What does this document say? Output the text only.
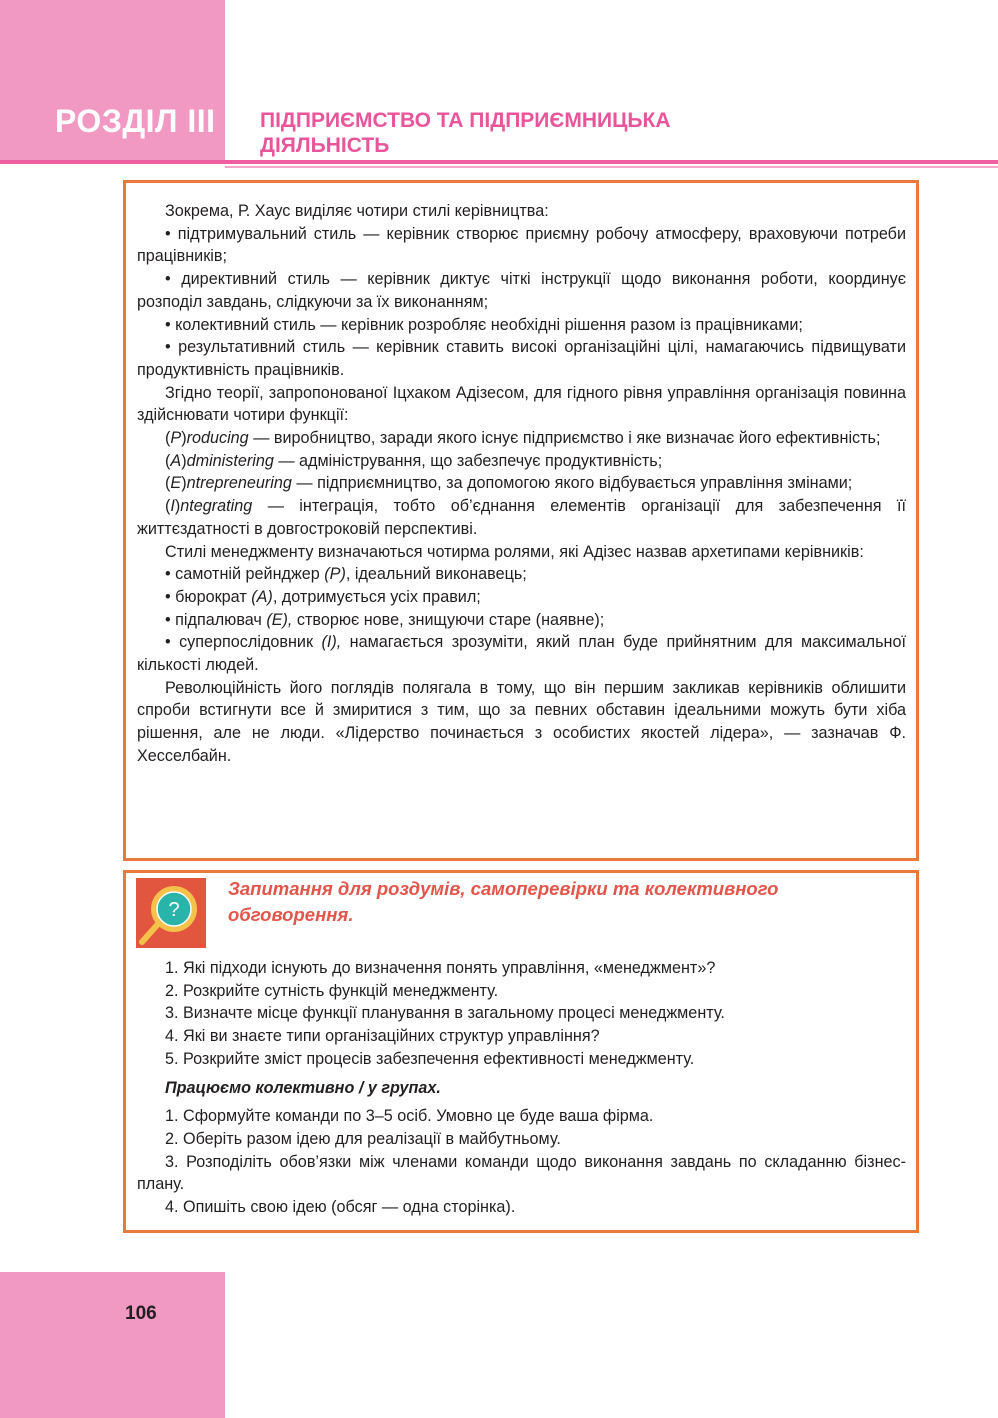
РОЗДІЛ III ПІДПРИЄМСТВО ТА ПІДПРИЄМНИЦЬКА
ДІЯЛЬНІСТЬ

Зокрема, Р. Хаус виділяє чотири стилі керівництва:

• підтримувальний стиль — керівник створює приємну робочу атмосферу, враховуючи потреби працівників;

• директивний стиль — керівник диктує чіткі інструкції щодо виконання роботи, координує розподіл завдань, слідкуючи за їх виконанням;

• колективний стиль — керівник розробляє необхідні рішення разом із працівниками;

• результативний стиль — керівник ставить високі організаційні цілі, намагаючись підвищувати продуктивність працівників.

Згідно теорії, запропонованої Іцхаком Адізесом, для гідного рівня управління організація повинна здійснювати чотири функції:

(P)roducing — виробництво, заради якого існує підприємство і яке визначає його ефективність;

(A)dministering — адміністрування, що забезпечує продуктивність;

(E)ntrepreneuring — підприємництво, за допомогою якого відбувається управління змінами;

(I)ntegrating — інтеграція, тобто об’єднання елементів організації для забезпечення її життєздатності в довгостроковій перспективі.

Стилі менеджменту визначаються чотирма ролями, які Адізес назвав архетипами керівників:

• самотній рейнджер (P), ідеальний виконавець;

• бюрократ (A), дотримується усіх правил;

• підпалювач (E), створює нове, знищуючи старе (наявне);

• суперпослідовник (I), намагається зрозуміти, який план буде прийнятним для максимальної кількості людей.

Революційність його поглядів полягала в тому, що він першим закликав керівників облишити спроби встигнути все й змиритися з тим, що за певних обставин ідеальними можуть бути хіба рішення, але не люди. «Лідерство починається з особистих якостей лідера», — зазначав Ф. Хесселбайн.

?
Запитання для роздумів, самоперевірки та колективного обговорення.

1. Які підходи існують до визначення понять управління, «менеджмент»?

2. Розкрийте сутність функцій менеджменту.

3. Визначте місце функції планування в загальному процесі менеджменту.

4. Які ви знаєте типи організаційних структур управління?

5. Розкрийте зміст процесів забезпечення ефективності менеджменту.

Працюємо колективно / у групах.

1. Сформуйте команди по 3–5 осіб. Умовно це буде ваша фірма.

2. Оберіть разом ідею для реалізації в майбутньому.

3. Розподіліть обов’язки між членами команди щодо виконання завдань по складанню бізнес-плану.

4. Опишіть свою ідею (обсяг — одна сторінка).

106
